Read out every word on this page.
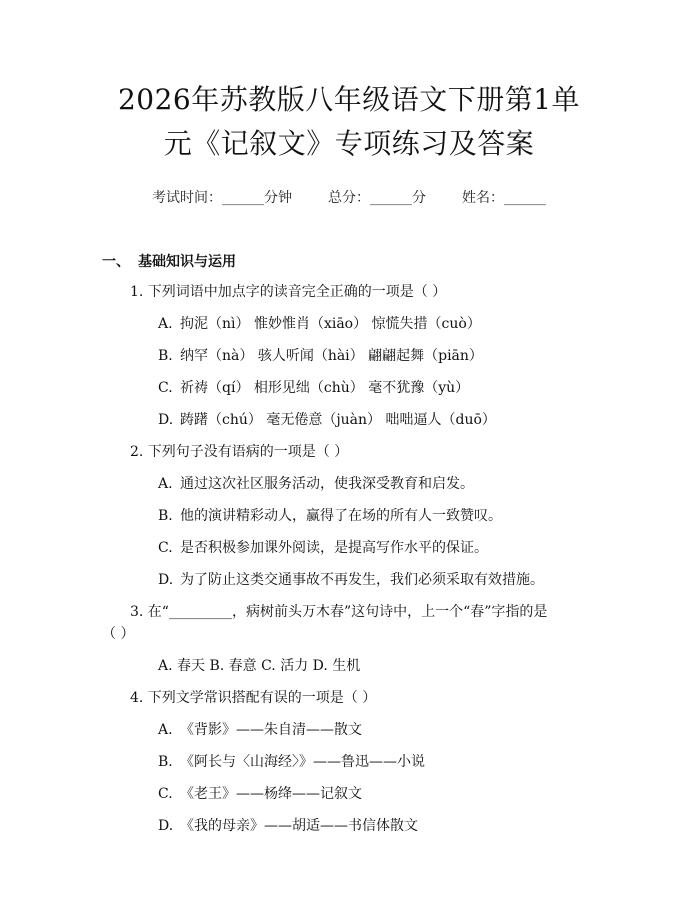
2026年苏教版八年级语文下册第1单元《记叙文》专项练习及答案
考试时间：______分钟	总分：______分	姓名：______
一、 基础知识与运用
1. 下列词语中加点字的读音完全正确的一项是（ ）
A. 拘泥（nì） 惟妙惟肖（xiāo） 惊慌失措（cuò）
B. 纳罕（nà） 骇人听闻（hài） 翩翩起舞（piān）
C. 祈祷（qí） 相形见绌（chù） 毫不犹豫（yù）
D. 踌躇（chú） 毫无倦意（juàn） 咄咄逼人（duō）
2. 下列句子没有语病的一项是（ ）
A. 通过这次社区服务活动，使我深受教育和启发。
B. 他的演讲精彩动人，赢得了在场的所有人一致赞叹。
C. 是否积极参加课外阅读，是提高写作水平的保证。
D. 为了防止这类交通事故不再发生，我们必须采取有效措施。
3. 在“_________，病树前头万木春”这句诗中，上一个“春”字指的是
（ ）
A. 春天 B. 春意 C. 活力 D. 生机
4. 下列文学常识搭配有误的一项是（ ）
A. 《背影》——朱自清——散文
B. 《阿长与〈山海经〉》——鲁迅——小说
C. 《老王》——杨绛——记叙文
D. 《我的母亲》——胡适——书信体散文
